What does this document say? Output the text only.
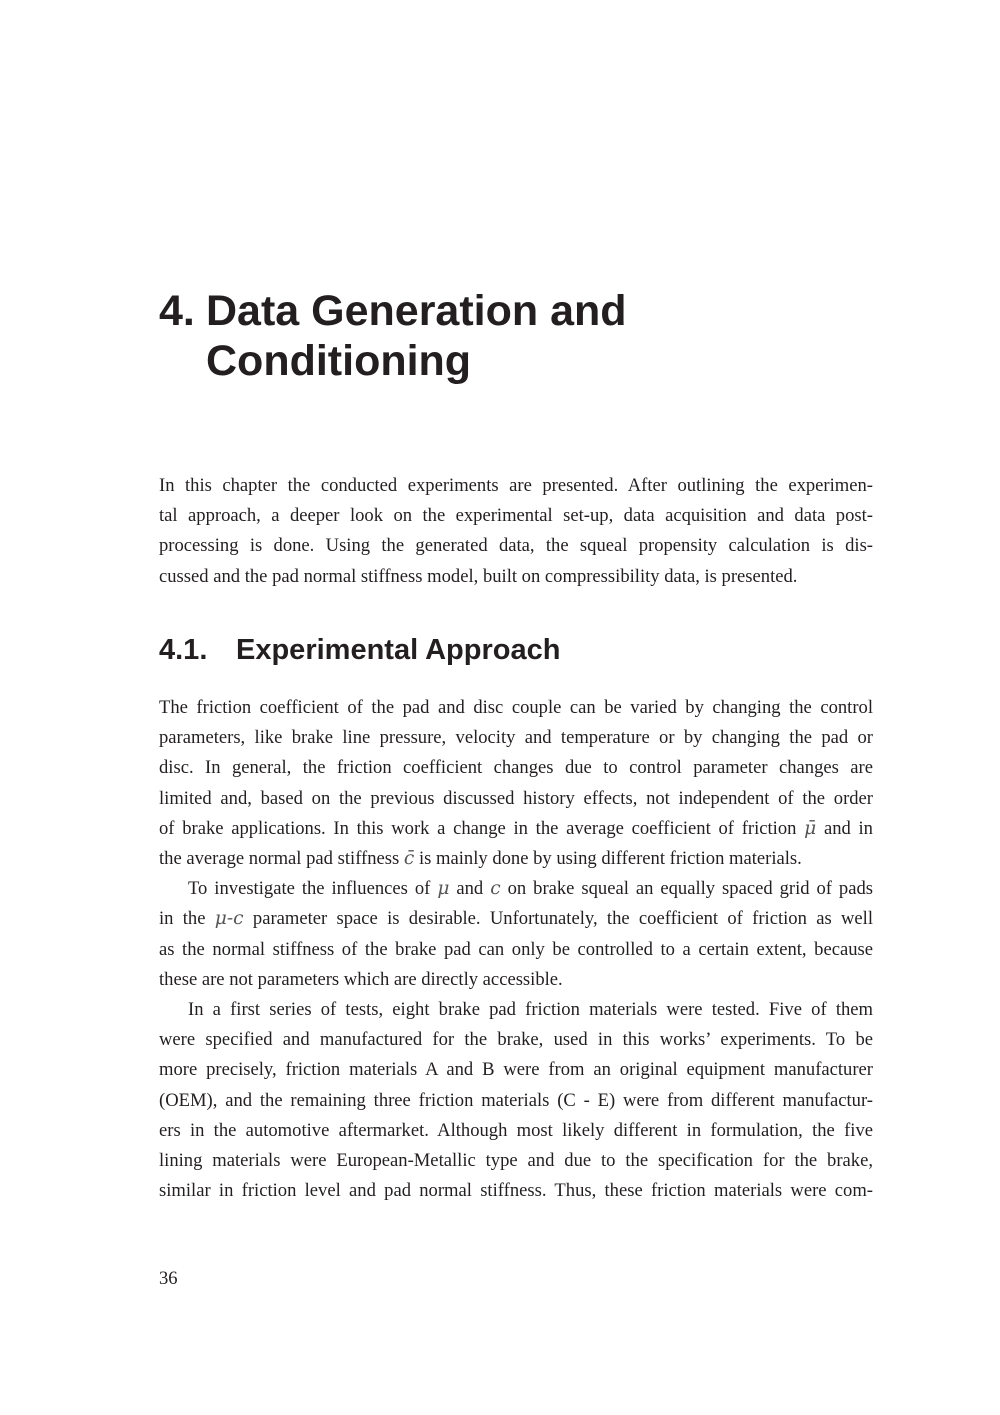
4. Data Generation and
Conditioning

In this chapter the conducted experiments are presented. After outlining the experimen-
tal approach, a deeper look on the experimental set-up, data acquisition and data post-
processing is done. Using the generated data, the squeal propensity calculation is dis-
cussed and the pad normal stiffness model, built on compressibility data, is presented.

4.1. Experimental Approach

The friction coefficient of the pad and disc couple can be varied by changing the control
parameters, like brake line pressure, velocity and temperature or by changing the pad or
disc. In general, the friction coefficient changes due to control parameter changes are
limited and, based on the previous discussed history effects, not independent of the order
of brake applications. In this work a change in the average coefficient of friction μ̄ and in
the average normal pad stiffness c̄ is mainly done by using different friction materials.

To investigate the influences of μ and c on brake squeal an equally spaced grid of pads
in the μ-c parameter space is desirable. Unfortunately, the coefficient of friction as well
as the normal stiffness of the brake pad can only be controlled to a certain extent, because
these are not parameters which are directly accessible.

In a first series of tests, eight brake pad friction materials were tested. Five of them
were specified and manufactured for the brake, used in this works’ experiments. To be
more precisely, friction materials A and B were from an original equipment manufacturer
(OEM), and the remaining three friction materials (C - E) were from different manufactur-
ers in the automotive aftermarket. Although most likely different in formulation, the five
lining materials were European-Metallic type and due to the specification for the brake,
similar in friction level and pad normal stiffness. Thus, these friction materials were com-

36
